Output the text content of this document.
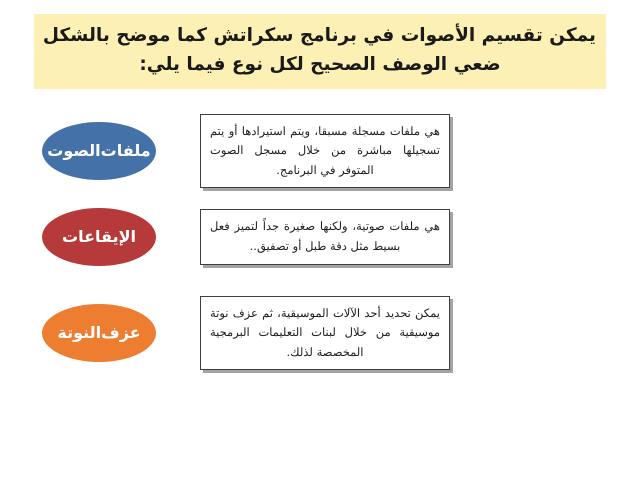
يمكن تقسيم الأصوات في برنامج سكراتش كما موضح بالشكل
ضعي الوصف الصحيح لكل نوع فيما يلي:
ملفات
الصوت
هي ملفات مسجلة مسبقا، ويتم استيرادها أو يتم تسجيلها مباشرة من خلال مسجل الصوت المتوفر في البرنامج.
الإيقاعات
هي ملفات صوتية، ولكنها صغيرة جداً لتميز فعل بسيط مثل دقة طبل أو تصفيق..
عزف
النوتة
يمكن تحديد أحد الآلات الموسيقية، ثم عزف نوتة موسيقية من خلال لبنات التعليمات البرمجية المخصصة لذلك.
